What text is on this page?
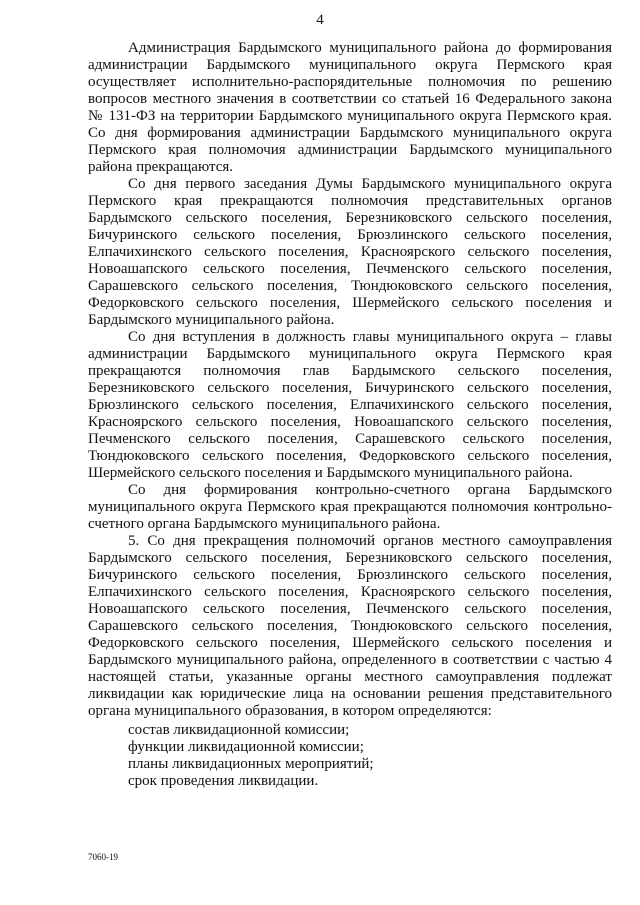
4

Администрация Бардымского муниципального района до формирования администрации Бардымского муниципального округа Пермского края осуществляет исполнительно-распорядительные полномочия по решению вопросов местного значения в соответствии со статьей 16 Федерального закона № 131-ФЗ на территории Бардымского муниципального округа Пермского края. Со дня формирования администрации Бардымского муниципального округа Пермского края полномочия администрации Бардымского муниципального района прекращаются.

Со дня первого заседания Думы Бардымского муниципального округа Пермского края прекращаются полномочия представительных органов Бардымского сельского поселения, Березниковского сельского поселения, Бичуринского сельского поселения, Брюзлинского сельского поселения, Елпачихинского сельского поселения, Красноярского сельского поселения, Новоашапского сельского поселения, Печменского сельского поселения, Сарашевского сельского поселения, Тюндюковского сельского поселения, Федорковского сельского поселения, Шермейского сельского поселения и Бардымского муниципального района.

Со дня вступления в должность главы муниципального округа – главы администрации Бардымского муниципального округа Пермского края прекращаются полномочия глав Бардымского сельского поселения, Березниковского сельского поселения, Бичуринского сельского поселения, Брюзлинского сельского поселения, Елпачихинского сельского поселения, Красноярского сельского поселения, Новоашапского сельского поселения, Печменского сельского поселения, Сарашевского сельского поселения, Тюндюковского сельского поселения, Федорковского сельского поселения, Шермейского сельского поселения и Бардымского муниципального района.

Со дня формирования контрольно-счетного органа Бардымского муниципального округа Пермского края прекращаются полномочия контрольно-счетного органа Бардымского муниципального района.

5. Со дня прекращения полномочий органов местного самоуправления Бардымского сельского поселения, Березниковского сельского поселения, Бичуринского сельского поселения, Брюзлинского сельского поселения, Елпачихинского сельского поселения, Красноярского сельского поселения, Новоашапского сельского поселения, Печменского сельского поселения, Сарашевского сельского поселения, Тюндюковского сельского поселения, Федорковского сельского поселения, Шермейского сельского поселения и Бардымского муниципального района, определенного в соответствии с частью 4 настоящей статьи, указанные органы местного самоуправления подлежат ликвидации как юридические лица на основании решения представительного органа муниципального образования, в котором определяются:

состав ликвидационной комиссии;
функции ликвидационной комиссии;
планы ликвидационных мероприятий;
срок проведения ликвидации.
7060-19
